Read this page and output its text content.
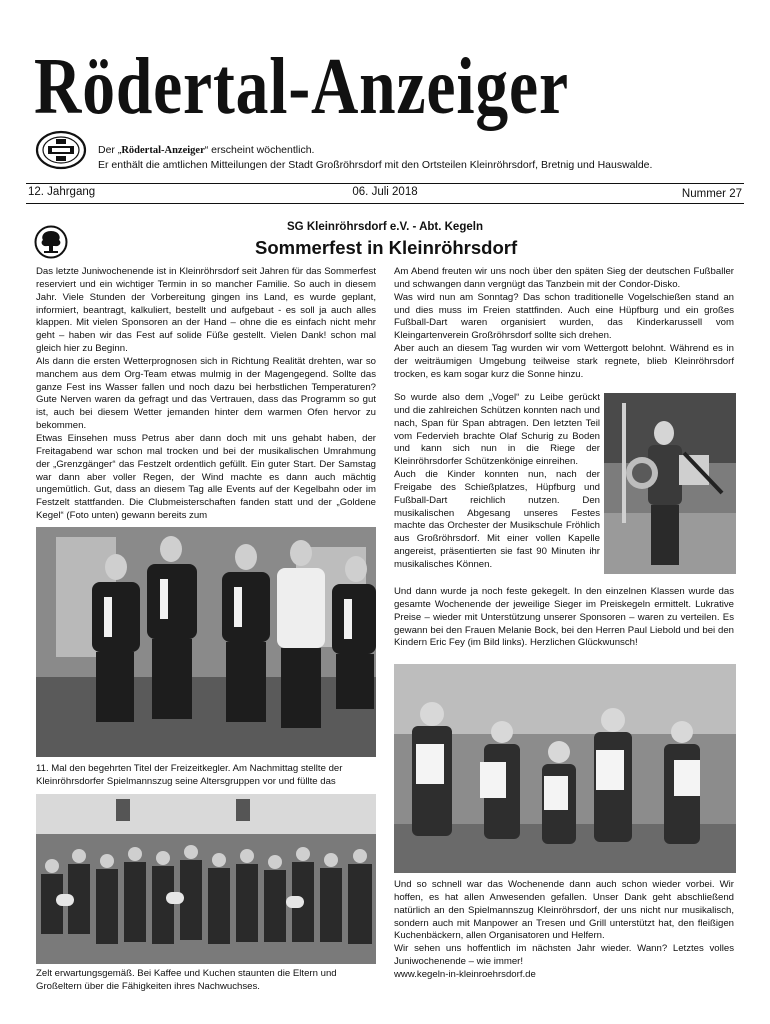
Rödertal-Anzeiger
Der „Rödertal-Anzeiger“ erscheint wöchentlich.
Er enthält die amtlichen Mitteilungen der Stadt Großröhrsdorf mit den Ortsteilen Kleinröhrsdorf, Bretnig und Hauswalde.
12. Jahrgang	06. Juli 2018	Nummer 27
SG Kleinröhrsdorf e.V. - Abt. Kegeln
Sommerfest in Kleinröhrsdorf

Das letzte Juniwochenende ist in Kleinröhrsdorf seit Jahren für das Sommerfest reserviert und ein wichtiger Termin in so mancher Familie. So auch in diesem Jahr. Viele Stunden der Vorbereitung gingen ins Land, es wurde geplant, informiert, beantragt, kalkuliert, bestellt und aufgebaut - es soll ja auch alles klappen. Mit vielen Sponsoren an der Hand – ohne die es einfach nicht mehr geht – haben wir das Fest auf solide Füße gestellt. Vielen Dank! schon mal gleich hier zu Beginn.

Als dann die ersten Wetterprognosen sich in Richtung Realität drehten, war so manchem aus dem Org-Team etwas mulmig in der Magengegend. Sollte das ganze Fest ins Wasser fallen und noch dazu bei herbstlichen Temperaturen? Gute Nerven waren da gefragt und das Vertrauen, dass das Programm so gut ist, auch bei diesem Wetter jemanden hinter dem warmen Ofen hervor zu bekommen.

Etwas Einsehen muss Petrus aber dann doch mit uns gehabt haben, der Freitagabend war schon mal trocken und bei der musikalischen Umrahmung der „Grenzgänger“ das Festzelt ordentlich gefüllt. Ein guter Start. Der Samstag war dann aber voller Regen, der Wind machte es dann auch mächtig ungemütlich. Gut, dass an diesem Tag alle Events auf der Kegelbahn oder im Festzelt stattfanden. Die Clubmeisterschaften fanden statt und der „Goldene Kegel“ (Foto unten) gewann bereits zum

11. Mal den begehrten Titel der Freizeitkegler. Am Nachmittag stellte der Kleinröhrsdorfer Spielmannszug seine Altersgruppen vor und füllte das
Zelt erwartungsgemäß. Bei Kaffee und Kuchen staunten die Eltern und Großeltern über die Fähigkeiten ihres Nachwuchses.

Am Abend freuten wir uns noch über den späten Sieg der deutschen Fußballer und schwangen dann vergnügt das Tanzbein mit der Condor-Disko.

Was wird nun am Sonntag? Das schon traditionelle Vogelschießen stand an und dies muss im Freien stattfinden. Auch eine Hüpfburg und ein großes Fußball-Dart waren organisiert wurden, das Kinderkarussell vom Kleingartenverein Großröhrsdorf sollte sich drehen.

Aber auch an diesem Tag wurden wir vom Wettergott belohnt. Während es in der weiträumigen Umgebung teilweise stark regnete, blieb Kleinröhrsdorf trocken, es kam sogar kurz die Sonne hinzu.

So wurde also dem „Vogel“ zu Leibe gerückt und die zahlreichen Schützen konnten nach und nach, Span für Span abtragen. Den letzten Teil vom Federvieh brachte Olaf Schurig zu Boden und kann sich nun in die Riege der Kleinröhrsdorfer Schützenkönige einreihen.

Auch die Kinder konnten nun, nach der Freigabe des Schießplatzes, Hüpfburg und Fußball-Dart reichlich nutzen. Den musikalischen Abgesang unseres Festes machte das Orchester der Musikschule Fröhlich aus Großröhrsdorf. Mit einer vollen Kapelle angereist, präsentierten sie fast 90 Minuten ihr musikalisches Können.

Und dann wurde ja noch feste gekegelt. In den einzelnen Klassen wurde das gesamte Wochenende der jeweilige Sieger im Preiskegeln ermittelt. Lukrative Preise – wieder mit Unterstützung unserer Sponsoren – waren zu verteilen. Es gewann bei den Frauen Melanie Bock, bei den Herren Paul Liebold und bei den Kindern Eric Fey (im Bild links). Herzlichen Glückwunsch!

Und so schnell war das Wochenende dann auch schon wieder vorbei. Wir hoffen, es hat allen Anwesenden gefallen. Unser Dank geht abschließend natürlich an den Spielmannszug Kleinröhrsdorf, der uns nicht nur musikalisch, sondern auch mit Manpower an Tresen und Grill unterstützt hat, den fleißigen Kuchenbäckern, allen Organisatoren und Helfern.

Wir sehen uns hoffentlich im nächsten Jahr wieder. Wann? Letztes volles Juniwochenende – wie immer!

www.kegeln-in-kleinroehrsdorf.de
